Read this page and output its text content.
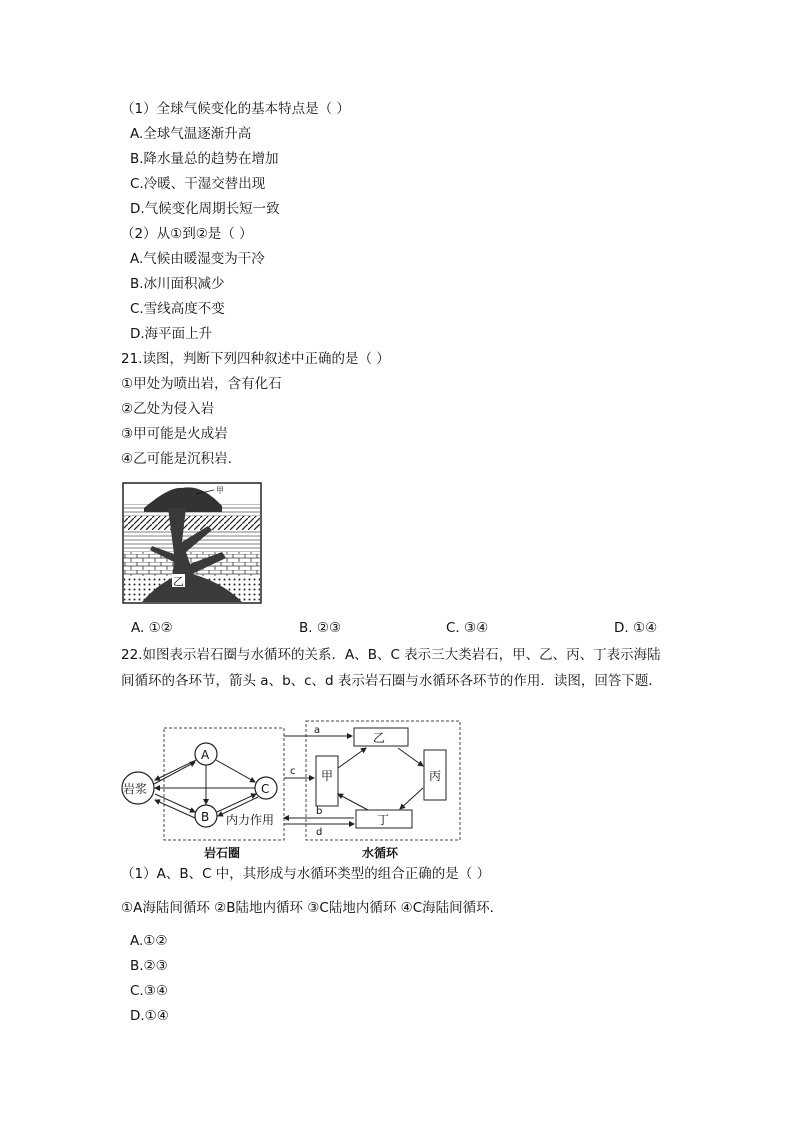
（1）全球气候变化的基本特点是（ ）
A.全球气温逐渐升高
B.降水量总的趋势在增加
C.冷暖、干湿交替出现
D.气候变化周期长短一致
（2）从①到②是（ ）
A.气候由暖湿变为干冷
B.冰川面积减少
C.雪线高度不变
D.海平面上升
21.读图，判断下列四种叙述中正确的是（ ）
①甲处为喷出岩，含有化石
②乙处为侵入岩
③甲可能是火成岩
④乙可能是沉积岩．
甲
乙
A. ①②	B. ②③	C. ③④	D. ①④
22.如图表示岩石圈与水循环的关系．A、B、C 表示三大类岩石，甲、乙、丙、丁表示海陆
间循环的各环节，箭头 a、b、c、d 表示岩石圈与水循环各环节的作用．读图，回答下题．
A
岩浆	C
B 内力作用
乙
甲	丙
丁
a
c
b
d
岩石圈	水循环
（1）A、B、C 中，其形成与水循环类型的组合正确的是（ ）
①A海陆间循环 ②B陆地内循环 ③C陆地内循环 ④C海陆间循环．
A.①②
B.②③
C.③④
D.①④
